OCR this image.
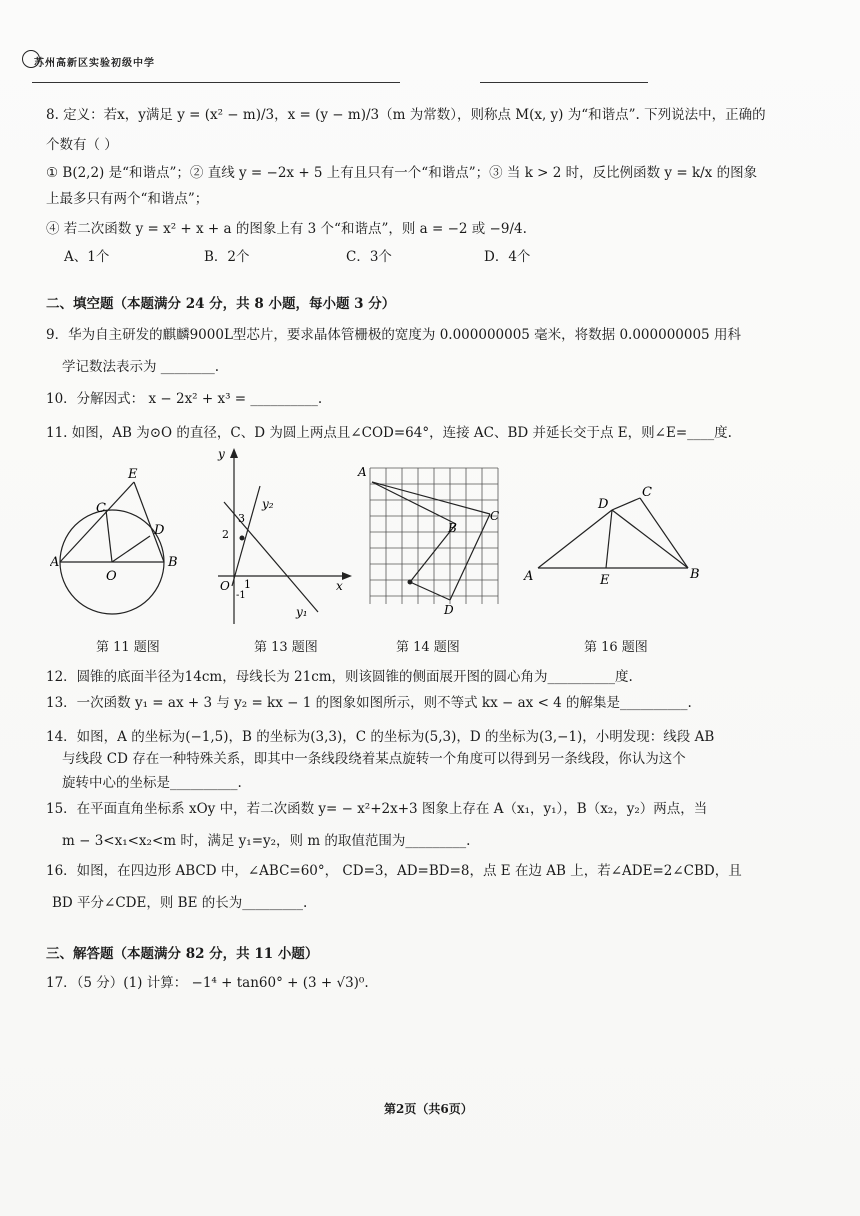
苏州高新区实验初级中学
8. 定义：若x，y满足 y = (x² − m)/3，x = (y − m)/3（m 为常数），则称点 M(x, y) 为“和谐点”. 下列说法中，正确的
个数有（ ）
① B(2,2) 是“和谐点”；② 直线 y = −2x + 5 上有且只有一个“和谐点”；③ 当 k > 2 时，反比例函数 y = k/x 的图象
上最多只有两个“和谐点”；
④ 若二次函数 y = x² + x + a 的图象上有 3 个“和谐点”，则 a = −2 或 −9/4.
A、1个	B．2个	C．3个	D．4个
二、填空题（本题满分 24 分，共 8 小题，每小题 3 分）
9．华为自主研发的麒麟9000L型芯片，要求晶体管栅极的宽度为 0.000000005 毫米，将数据 0.000000005 用科
学记数法表示为 ________.
10．分解因式： x − 2x² + x³ = __________.
11. 如图，AB 为⊙O 的直径，C、D 为圆上两点且∠COD=64°，连接 AC、BD 并延长交于点 E，则∠E=____度.
A	B
C
D
E
O
第 11 题图
y
x
O
y₂
y₁
3
2
1
-1
第 13 题图
A
B
C
D
第 14 题图
A	B
C
D
E
第 16 题图
12．圆锥的底面半径为14cm，母线长为 21cm，则该圆锥的侧面展开图的圆心角为__________度.
13．一次函数 y₁ = ax + 3 与 y₂ = kx − 1 的图象如图所示，则不等式 kx − ax < 4 的解集是__________.
14．如图，A 的坐标为(−1,5)，B 的坐标为(3,3)，C 的坐标为(5,3)，D 的坐标为(3,−1)，小明发现：线段 AB
与线段 CD 存在一种特殊关系，即其中一条线段绕着某点旋转一个角度可以得到另一条线段，你认为这个
旋转中心的坐标是__________.
15．在平面直角坐标系 xOy 中，若二次函数 y= − x²+2x+3 图象上存在 A（x₁，y₁），B（x₂，y₂）两点，当
m − 3<x₁<x₂<m 时，满足 y₁=y₂，则 m 的取值范围为_________.
16．如图，在四边形 ABCD 中，∠ABC=60°， CD=3，AD=BD=8，点 E 在边 AB 上，若∠ADE=2∠CBD，且
BD 平分∠CDE，则 BE 的长为_________.
三、解答题（本题满分 82 分，共 11 小题）
17．（5 分）(1) 计算： −1⁴ + tan60° + (3 + √3)⁰.
第2页（共6页）
